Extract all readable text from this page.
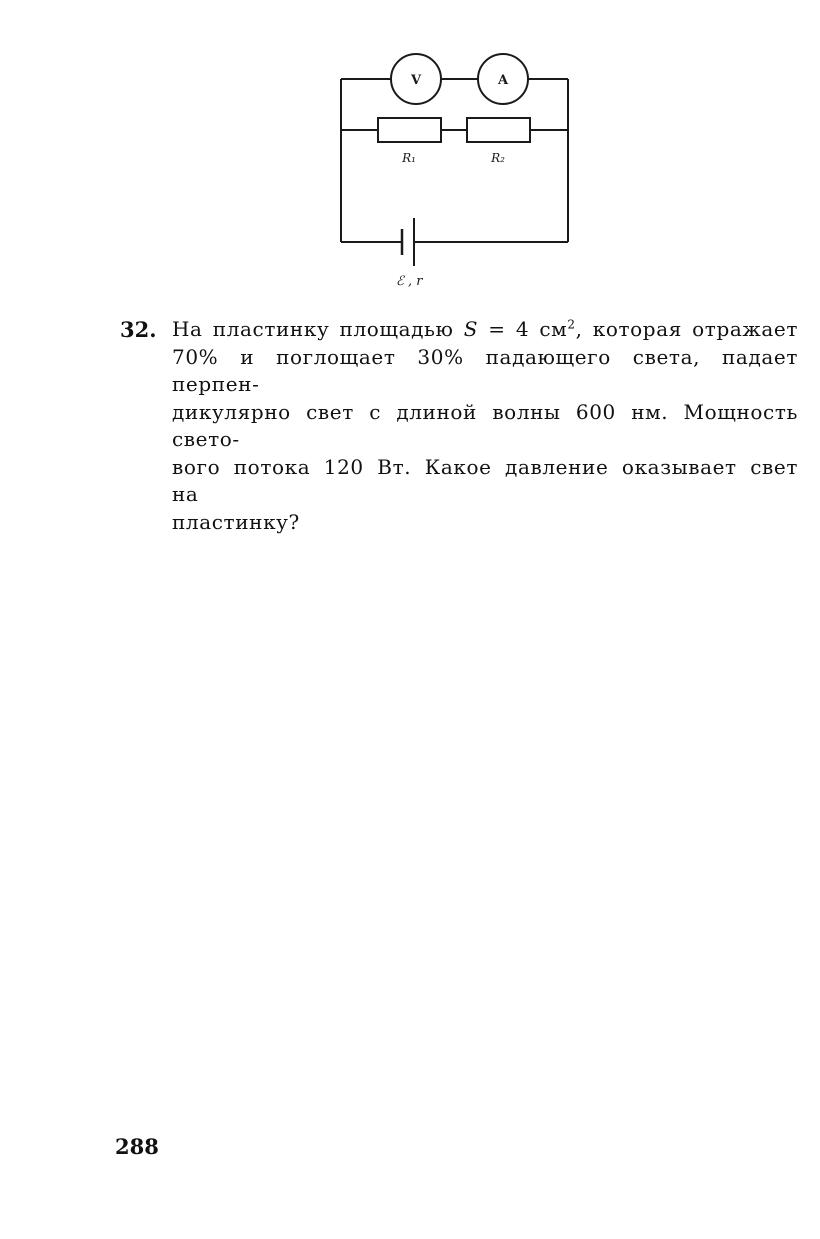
V	A
R₁	R₂
ℰ , r
32. На пластинку площадью S = 4 $см^2$, которая отражает
70% и поглощает 30% падающего света, падает перпен-
дикулярно свет с длиной волны 600 нм. Мощность свето-
вого потока 120 Вт. Какое давление оказывает свет на
пластинку?
288
